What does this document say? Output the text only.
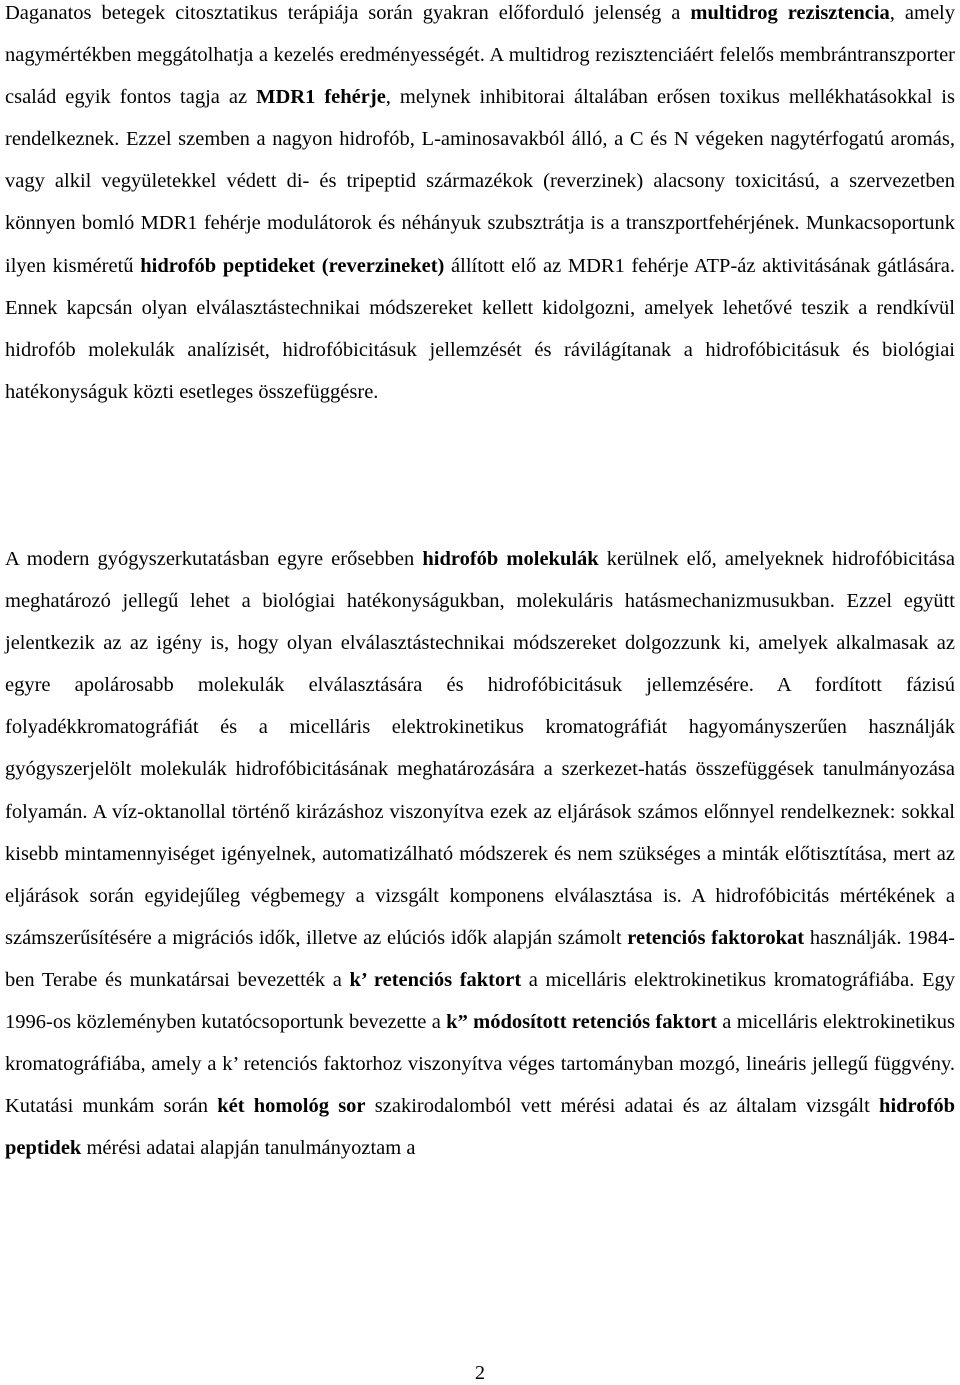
Daganatos betegek citosztatikus terápiája során gyakran előforduló jelenség a multidrog rezisztencia, amely nagymértékben meggátolhatja a kezelés eredményességét. A multidrog rezisztenciáért felelős membrántranszporter család egyik fontos tagja az MDR1 fehérje, melynek inhibitorai általában erősen toxikus mellékhatásokkal is rendelkeznek. Ezzel szemben a nagyon hidrofób, L-aminosavakból álló, a C és N végeken nagytérfogatú aromás, vagy alkil vegyületekkel védett di- és tripeptid származékok (reverzinek) alacsony toxicitású, a szervezetben könnyen bomló MDR1 fehérje modulátorok és néhányuk szubsztrátja is a transzportfehérjének. Munkacsoportunk ilyen kisméretű hidrofób peptideket (reverzineket) állított elő az MDR1 fehérje ATP-áz aktivitásának gátlására. Ennek kapcsán olyan elválasztástechnikai módszereket kellett kidolgozni, amelyek lehetővé teszik a rendkívül hidrofób molekulák analízisét, hidrofóbicitásuk jellemzését és rávilágítanak a hidrofóbicitásuk és biológiai hatékonyságuk közti esetleges összefüggésre.

A modern gyógyszerkutatásban egyre erősebben hidrofób molekulák kerülnek elő, amelyeknek hidrofóbicitása meghatározó jellegű lehet a biológiai hatékonyságukban, molekuláris hatásmechanizmusukban. Ezzel együtt jelentkezik az az igény is, hogy olyan elválasztástechnikai módszereket dolgozzunk ki, amelyek alkalmasak az egyre apolárosabb molekulák elválasztására és hidrofóbicitásuk jellemzésére. A fordított fázisú folyadékkromatográfiát és a micelláris elektrokinetikus kromatográfiát hagyományszerűen használják gyógyszerjelölt molekulák hidrofóbicitásának meghatározására a szerkezet-hatás összefüggések tanulmányozása folyamán. A víz-oktanollal történő kirázáshoz viszonyítva ezek az eljárások számos előnnyel rendelkeznek: sokkal kisebb mintamennyiséget igényelnek, automatizálható módszerek és nem szükséges a minták előtisztítása, mert az eljárások során egyidejűleg végbemegy a vizsgált komponens elválasztása is. A hidrofóbicitás mértékének a számszerűsítésére a migrációs idők, illetve az elúciós idők alapján számolt retenciós faktorokat használják. 1984-ben Terabe és munkatársai bevezették a k’ retenciós faktort a micelláris elektrokinetikus kromatográfiába. Egy 1996-os közleményben kutatócsoportunk bevezette a k” módosított retenciós faktort a micelláris elektrokinetikus kromatográfiába, amely a k’ retenciós faktorhoz viszonyítva véges tartományban mozgó, lineáris jellegű függvény. Kutatási munkám során két homológ sor szakirodalomból vett mérési adatai és az általam vizsgált hidrofób peptidek mérési adatai alapján tanulmányoztam a

2
